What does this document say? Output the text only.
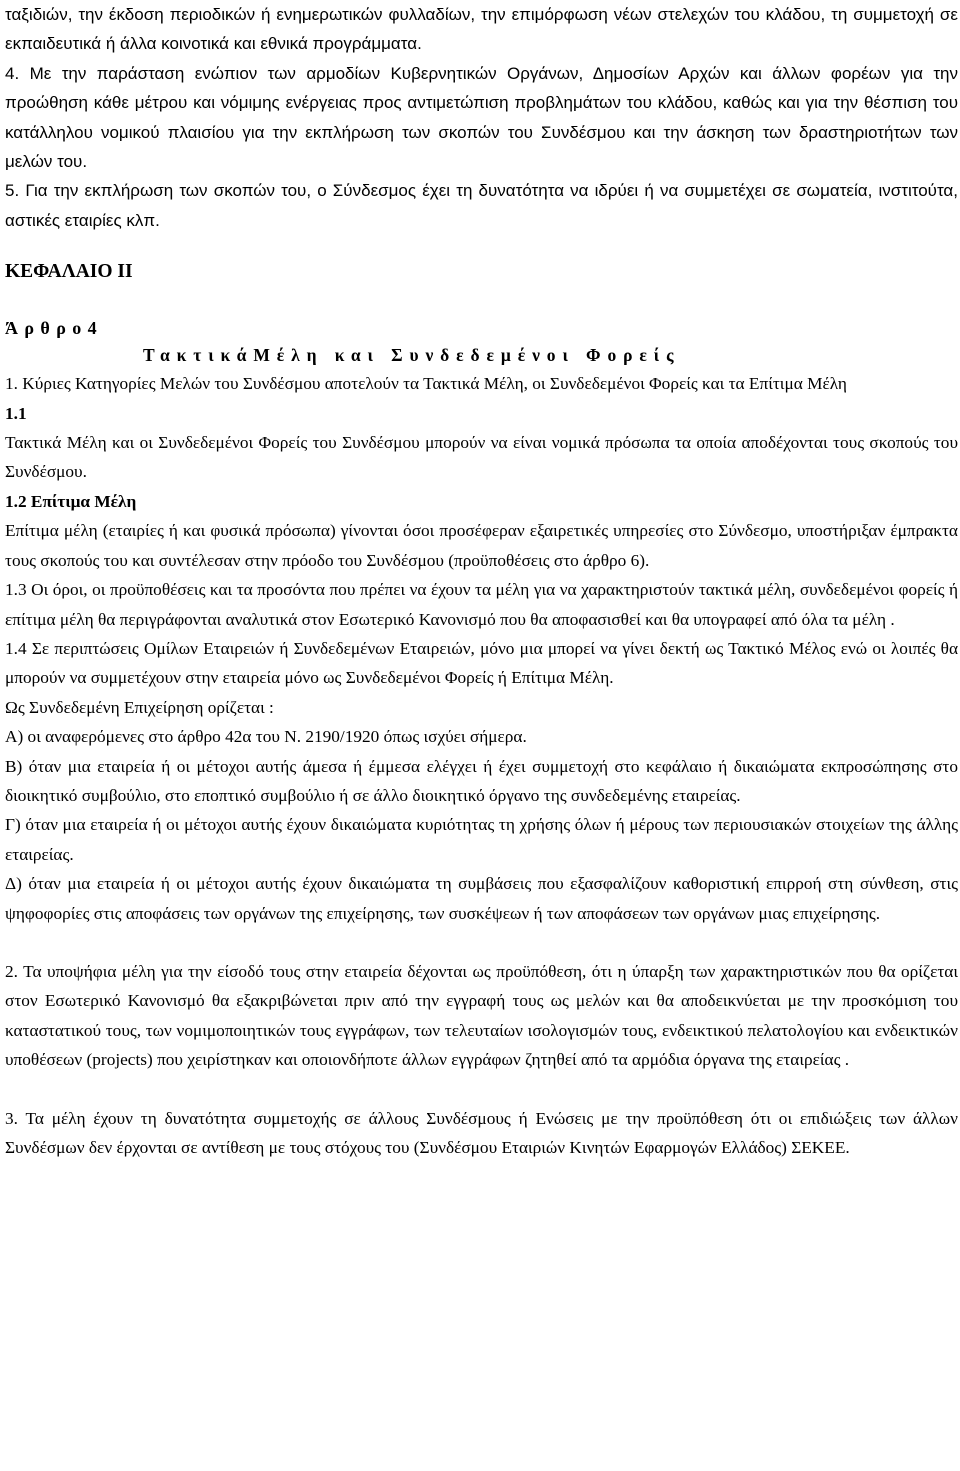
ταξιδιών, την έκδοση περιοδικών ή ενημερωτικών φυλλαδίων, την επιμόρφωση νέων στελεχών του κλάδου, τη συμμετοχή σε εκπαιδευτικά ή άλλα κοινοτικά και εθνικά προγράμματα.

4. Με την παράσταση ενώπιον των αρμοδίων Κυβερνητικών Οργάνων, Δημοσίων Αρχών και άλλων φορέων για την προώθηση κάθε μέτρου και νόμιμης ενέργειας προς αντιμετώπιση προβλημάτων του κλάδου, καθώς και για την θέσπιση του κατάλληλου νομικού πλαισίου για την εκπλήρωση των σκοπών του Συνδέσμου και την άσκηση των δραστηριοτήτων των μελών του.

5. Για την εκπλήρωση των σκοπών του, ο Σύνδεσμος έχει τη δυνατότητα να ιδρύει ή να συμμετέχει σε σωματεία, ινστιτούτα, αστικές εταιρίες κλπ.

ΚΕΦΑΛΑΙΟ ΙΙ
Άρθρο4
ΤακτικάΜέλη και Συνδεδεμένοι Φορείς

1. Κύριες Κατηγορίες Μελών του Συνδέσμου αποτελούν τα Τακτικά Μέλη, οι Συνδεδεμένοι Φορείς και τα Επίτιμα Μέλη

1.1

Τακτικά Μέλη και οι Συνδεδεμένοι Φορείς του Συνδέσμου μπορούν να είναι νομικά πρόσωπα τα οποία αποδέχονται τους σκοπούς του Συνδέσμου.

1.2 Επίτιμα Μέλη

Επίτιμα μέλη (εταιρίες ή και φυσικά πρόσωπα) γίνονται όσοι προσέφεραν εξαιρετικές υπηρεσίες στο Σύνδεσμο, υποστήριξαν έμπρακτα τους σκοπούς του και συντέλεσαν στην πρόοδο του Συνδέσμου (προϋποθέσεις στο άρθρο 6).

1.3 Οι όροι, οι προϋποθέσεις και τα προσόντα που πρέπει να έχουν τα μέλη για να χαρακτηριστούν τακτικά μέλη, συνδεδεμένοι φορείς ή επίτιμα μέλη θα περιγράφονται αναλυτικά στον Εσωτερικό Κανονισμό που θα αποφασισθεί και θα υπογραφεί από όλα τα μέλη .

1.4 Σε περιπτώσεις Ομίλων Εταιρειών ή Συνδεδεμένων Εταιρειών, μόνο μια μπορεί να γίνει δεκτή ως Τακτικό Μέλος ενώ οι λοιπές θα μπορούν να συμμετέχουν στην εταιρεία μόνο ως Συνδεδεμένοι Φορείς ή Επίτιμα Μέλη.

Ως Συνδεδεμένη Επιχείρηση ορίζεται :

Α) οι αναφερόμενες στο άρθρο 42α του Ν. 2190/1920 όπως ισχύει σήμερα.

Β) όταν μια εταιρεία ή οι μέτοχοι αυτής άμεσα ή έμμεσα ελέγχει ή έχει συμμετοχή στο κεφάλαιο ή δικαιώματα εκπροσώπησης στο διοικητικό συμβούλιο, στο εποπτικό συμβούλιο ή σε άλλο διοικητικό όργανο της συνδεδεμένης εταιρείας.

Γ) όταν μια εταιρεία ή οι μέτοχοι αυτής έχουν δικαιώματα κυριότητας τη χρήσης όλων ή μέρους των περιουσιακών στοιχείων της άλλης εταιρείας.

Δ) όταν μια εταιρεία ή οι μέτοχοι αυτής έχουν δικαιώματα τη συμβάσεις που εξασφαλίζουν καθοριστική επιρροή στη σύνθεση, στις ψηφοφορίες στις αποφάσεις των οργάνων της επιχείρησης, των συσκέψεων ή των αποφάσεων των οργάνων μιας επιχείρησης.

2. Τα υποψήφια μέλη για την είσοδό τους στην εταιρεία δέχονται ως προϋπόθεση, ότι η ύπαρξη των χαρακτηριστικών που θα ορίζεται στον Εσωτερικό Κανονισμό θα εξακριβώνεται πριν από την εγγραφή τους ως μελών και θα αποδεικνύεται με την προσκόμιση του καταστατικού τους, των νομιμοποιητικών τους εγγράφων, των τελευταίων ισολογισμών τους, ενδεικτικού πελατολογίου και ενδεικτικών υποθέσεων (projects) που χειρίστηκαν και οποιονδήποτε άλλων εγγράφων ζητηθεί από τα αρμόδια όργανα της εταιρείας .

3. Τα μέλη έχουν τη δυνατότητα συμμετοχής σε άλλους Συνδέσμους ή Ενώσεις με την προϋπόθεση ότι οι επιδιώξεις των άλλων Συνδέσμων δεν έρχονται σε αντίθεση με τους στόχους του (Συνδέσμου Εταιριών Κινητών Εφαρμογών Ελλάδος) ΣΕΚΕΕ.
